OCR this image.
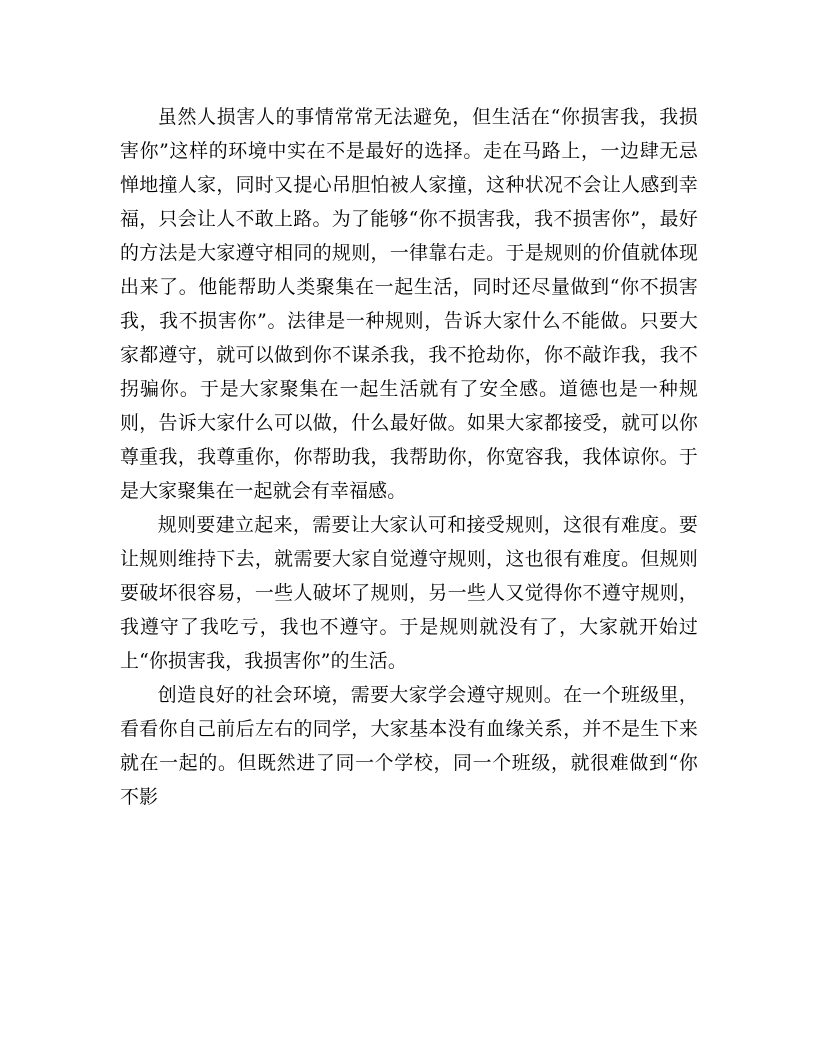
虽然人损害人的事情常常无法避免，但生活在“你损害我，我损害你”这样的环境中实在不是最好的选择。走在马路上，一边肆无忌惮地撞人家，同时又提心吊胆怕被人家撞，这种状况不会让人感到幸福，只会让人不敢上路。为了能够“你不损害我，我不损害你”，最好的方法是大家遵守相同的规则，一律靠右走。于是规则的价值就体现出来了。他能帮助人类聚集在一起生活，同时还尽量做到“你不损害我，我不损害你”。法律是一种规则，告诉大家什么不能做。只要大家都遵守，就可以做到你不谋杀我，我不抢劫你，你不敲诈我，我不拐骗你。于是大家聚集在一起生活就有了安全感。道德也是一种规则，告诉大家什么可以做，什么最好做。如果大家都接受，就可以你尊重我，我尊重你，你帮助我，我帮助你，你宽容我，我体谅你。于是大家聚集在一起就会有幸福感。

规则要建立起来，需要让大家认可和接受规则，这很有难度。要让规则维持下去，就需要大家自觉遵守规则，这也很有难度。但规则要破坏很容易，一些人破坏了规则，另一些人又觉得你不遵守规则，我遵守了我吃亏，我也不遵守。于是规则就没有了，大家就开始过上“你损害我，我损害你”的生活。

创造良好的社会环境，需要大家学会遵守规则。在一个班级里，看看你自己前后左右的同学，大家基本没有血缘关系，并不是生下来就在一起的。但既然进了同一个学校，同一个班级，就很难做到“你不影
